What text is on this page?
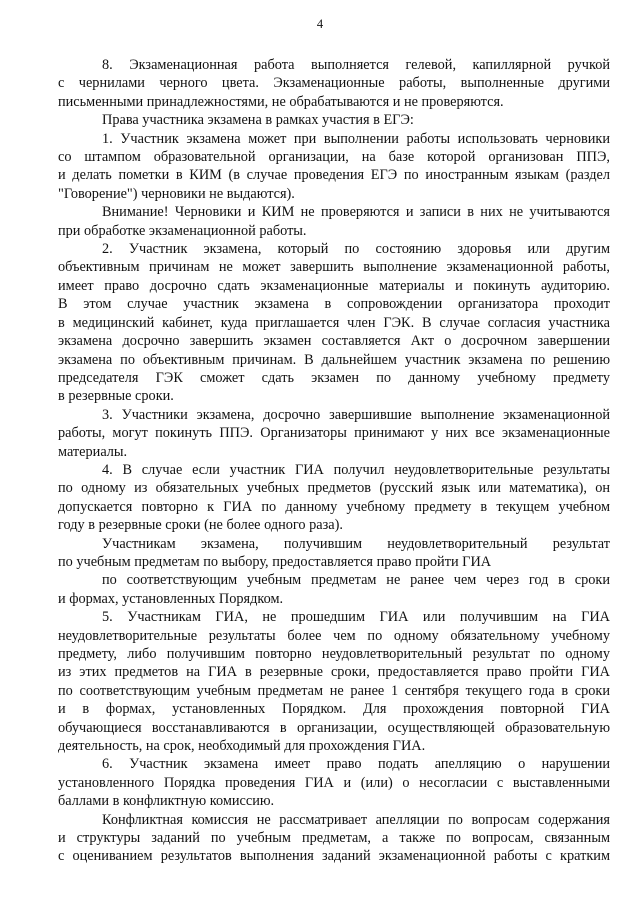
4
8. Экзаменационная работа выполняется гелевой, капиллярной ручкой
с чернилами черного цвета. Экзаменационные работы, выполненные другими
письменными принадлежностями, не обрабатываются и не проверяются.
Права участника экзамена в рамках участия в ЕГЭ:
1. Участник экзамена может при выполнении работы использовать черновики
со штампом образовательной организации, на базе которой организован ППЭ,
и делать пометки в КИМ (в случае проведения ЕГЭ по иностранным языкам (раздел
"Говорение") черновики не выдаются).
Внимание! Черновики и КИМ не проверяются и записи в них не учитываются
при обработке экзаменационной работы.
2. Участник экзамена, который по состоянию здоровья или другим
объективным причинам не может завершить выполнение экзаменационной работы,
имеет право досрочно сдать экзаменационные материалы и покинуть аудиторию.
В этом случае участник экзамена в сопровождении организатора проходит
в медицинский кабинет, куда приглашается член ГЭК. В случае согласия участника
экзамена досрочно завершить экзамен составляется Акт о досрочном завершении
экзамена по объективным причинам. В дальнейшем участник экзамена по решению
председателя ГЭК сможет сдать экзамен по данному учебному предмету
в резервные сроки.
3. Участники экзамена, досрочно завершившие выполнение экзаменационной
работы, могут покинуть ППЭ. Организаторы принимают у них все экзаменационные
материалы.
4. В случае если участник ГИА получил неудовлетворительные результаты
по одному из обязательных учебных предметов (русский язык или математика), он
допускается повторно к ГИА по данному учебному предмету в текущем учебном
году в резервные сроки (не более одного раза).
Участникам экзамена, получившим неудовлетворительный результат
по учебным предметам по выбору, предоставляется право пройти ГИА
по соответствующим учебным предметам не ранее чем через год в сроки
и формах, установленных Порядком.
5. Участникам ГИА, не прошедшим ГИА или получившим на ГИА
неудовлетворительные результаты более чем по одному обязательному учебному
предмету, либо получившим повторно неудовлетворительный результат по одному
из этих предметов на ГИА в резервные сроки, предоставляется право пройти ГИА
по соответствующим учебным предметам не ранее 1 сентября текущего года в сроки
и в формах, установленных Порядком. Для прохождения повторной ГИА
обучающиеся восстанавливаются в организации, осуществляющей образовательную
деятельность, на срок, необходимый для прохождения ГИА.
6. Участник экзамена имеет право подать апелляцию о нарушении
установленного Порядка проведения ГИА и (или) о несогласии с выставленными
баллами в конфликтную комиссию.
Конфликтная комиссия не рассматривает апелляции по вопросам содержания
и структуры заданий по учебным предметам, а также по вопросам, связанным
с оцениванием результатов выполнения заданий экзаменационной работы с кратким
